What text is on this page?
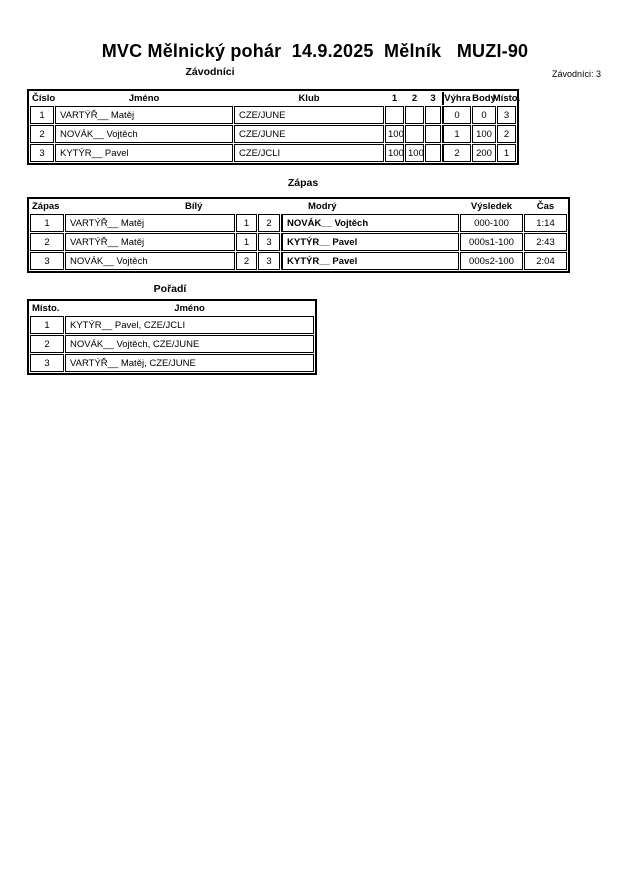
MVC Mělnický pohár  14.9.2025  Mělník   MUZI-90
Závodníci	Závodníci: 3
Číslo	Jméno	Klub	1	2	3	Výhra	Body	Místo.
1	VARTÝŘ__ Matěj	CZE/JUNE				0	0	3
2	NOVÁK__ Vojtěch	CZE/JUNE	100			1	100	2
3	KYTÝR__ Pavel	CZE/JCLI	100	100		2	200	1
Zápas
Zápas	Bílý			Modrý	Výsledek	Čas
1	VARTÝŘ__ Matěj	1	2	NOVÁK__ Vojtěch	000-100	1:14
2	VARTÝŘ__ Matěj	1	3	KYTÝR__ Pavel	000s1-100	2:43
3	NOVÁK__ Vojtěch	2	3	KYTÝR__ Pavel	000s2-100	2:04
Pořadí
Místo.	Jméno
1	KYTÝR__ Pavel, CZE/JCLI
2	NOVÁK__ Vojtěch, CZE/JUNE
3	VARTÝŘ__ Matěj, CZE/JUNE
